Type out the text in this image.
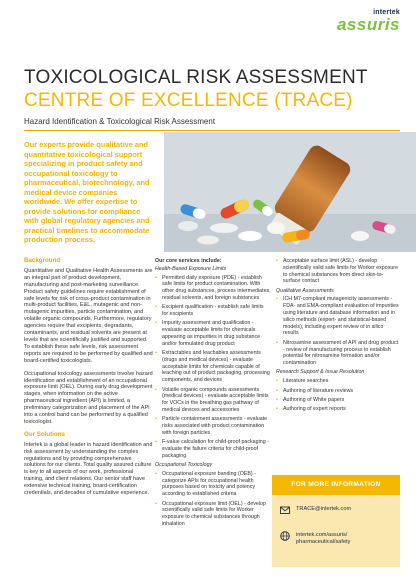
intertek
assuris
TOXICOLOGICAL RISK ASSESSMENT
CENTRE OF EXCELLENCE (TRACE)
Hazard Identification & Toxicological Risk Assessment

Our experts provide qualitative and quantitative toxicological support specializing in product safety and occupational toxicology to pharmaceutical, biotechnology, and medical device companies worldwide. We offer expertise to provide solutions for compliance with global regulatory agencies and practical timelines to accommodate production process.

Background

Quantitative and Qualitative Health Assessments are an integral part of product development, manufacturing and post-marketing surveillance. Product safety guidelines require establishment of safe levels for risk of cross-product contamination in multi-product facilities, E&L, mutagenic and non-mutagenic impurities, particle contamination, and volatile organic compounds. Furthermore, regulatory agencies require that excipients, degradants, contaminants, and residual solvents are present at levels that are scientifically justified and supported. To establish these safe levels, risk assessment reports are required to be performed by qualified and board-certified toxicologists.

Occupational toxicology assessments involve hazard identification and establishment of an occupational exposure limit (OEL). During early drug development stages, when information on the active pharmaceutical ingredient (API) is limited, a preliminary categorization and placement of the API into a control band can be performed by a qualified toxicologist.

Our Solutions

Intertek is a global leader in hazard identification and risk assessment by understanding the complex regulations and by providing comprehensive solutions for our clients. Total quality assured culture is key to all aspects of our work, professional training, and client relations. Our senior staff have extensive technical training, board-certification credentials, and decades of cumulative experience.

Our core services include:
Health-Based Exposure Limits
• Permitted daily exposure (PDE) - establish safe limits for product contamination. With other drug substances, process intermediates, residual solvents, and foreign substances
• Excipient qualification - establish safe limits for excipients
• Impurity assessment and qualification - evaluate acceptable limits for chemicals appearing as impurities in drug substance and/or formulated drug product
• Extractables and leachables assessments (drugs and medical devices) - evaluate acceptable limits for chemicals capable of leaching out of product packaging, processing components, and devices
• Volatile organic compounds assessments (medical devices) - evaluate acceptable limits for VOCs in the breathing gas pathway of medical devices and accessories
• Particle containment assessments - evaluate risks associated with product contamination with foreign particles
• F-value calculation for child-proof packaging - evaluate the failure criteria for child-proof packaging
Occupational Toxicology
• Occupational exposure banding (OEB) - categorize APIs for occupational health purposes based on toxicity and potency according to established criteria
• Occupational exposure limit (OEL) - develop scientifically valid safe limits for Worker exposure to chemical substances through inhalation
• Acceptable surface limit (ASL) - develop scientifically valid safe limits for Worker exposure to chemical substances from direct skin-to-surface contact
Qualitative Assessments
• ICH M7-compliant mutagenicity assessments - FDA- and EMA-compliant evaluation of impurities using literature and database information and in silico methods (expert- and statistical-based models), including expert review of in silico results
• Nitrosamine assessment of API and drug product - review of manufacturing process to establish potential for nitrosamine formation and/or contamination
Research Support & Issue Resolution
• Literature searches
• Authoring of literature reviews
• Authoring of White papers
• Authoring of expert reports
FOR MORE INFORMATION
TRACE@intertek.com
intertek.com/assuris/
pharmaceutical/safety
